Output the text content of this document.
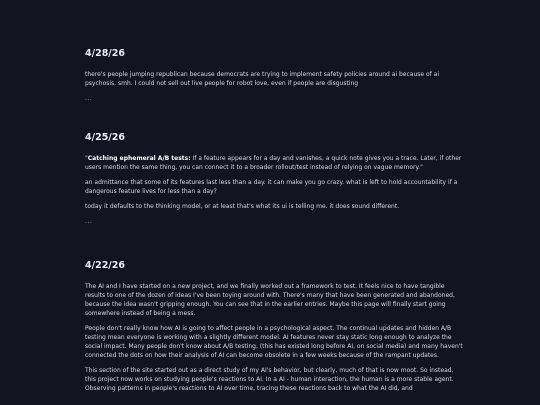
4/28/26

there's people jumping republican because democrats are trying to implement safety policies around ai because of ai psychosis. smh. I could not sell out live people for robot love, even if people are disgusting

...

4/25/26

"Catching ephemeral A/B tests: If a feature appears for a day and vanishes, a quick note gives you a trace. Later, if other users mention the same thing, you can connect it to a broader rollout/test instead of relying on vague memory."

an admittance that some of its features last less than a day. it can make you go crazy. what is left to hold accountability if a dangerous feature lives for less than a day?

today it defaults to the thinking model, or at least that's what its ui is telling me. it does sound different.

...

4/22/26

The AI and I have started on a new project, and we finally worked out a framework to test. It feels nice to have tangible results to one of the dozen of ideas I've been toying around with. There's many that have been generated and abandoned, because the idea wasn't gripping enough. You can see that in the earlier entries. Maybe this page will finally start going somewhere instead of being a mess.

People don't really know how AI is going to affect people in a psychological aspect. The continual updates and hidden A/B testing mean everyone is working with a slightly different model. AI features never stay static long enough to analyze the social impact. Many people don't know about A/B testing, (this has existed long before AI, on social media) and many haven't connected the dots on how their analysis of AI can become obsolete in a few weeks because of the rampant updates.

This section of the site started out as a direct study of my AI's behavior, but clearly, much of that is now moot. So instead, this project now works on studying people's reactions to AI. In a AI - human interaction, the human is a more stable agent. Observing patterns in people's reactions to AI over time, tracing these reactions back to what the AI did, and
